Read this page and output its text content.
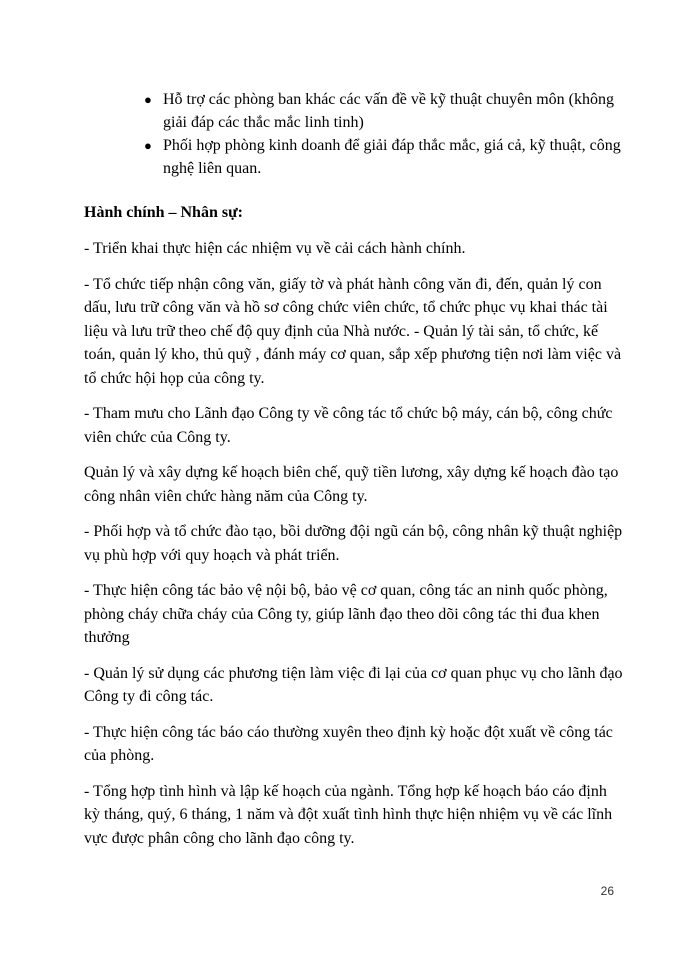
● Hỗ trợ các phòng ban khác các vấn đề về kỹ thuật chuyên môn (không giải đáp các thắc mắc linh tinh)
● Phối hợp phòng kinh doanh để giải đáp thắc mắc, giá cả, kỹ thuật, công nghệ liên quan.

Hành chính – Nhân sự:

- Triển khai thực hiện các nhiệm vụ về cải cách hành chính.

- Tổ chức tiếp nhận công văn, giấy tờ và phát hành công văn đi, đến, quản lý con dấu, lưu trữ công văn và hồ sơ công chức viên chức, tổ chức phục vụ khai thác tài liệu và lưu trữ theo chế độ quy định của Nhà nước. - Quản lý tài sản, tổ chức, kế toán, quản lý kho, thủ quỹ , đánh máy cơ quan, sắp xếp phương tiện nơi làm việc và tổ chức hội họp của công ty.

- Tham mưu cho Lãnh đạo Công ty về công tác tổ chức bộ máy, cán bộ, công chức viên chức của Công ty.

Quản lý và xây dựng kế hoạch biên chế, quỹ tiền lương, xây dựng kế hoạch đào tạo công nhân viên chức hàng năm của Công ty.

- Phối hợp và tổ chức đào tạo, bồi dưỡng đội ngũ cán bộ, công nhân kỹ thuật nghiệp vụ phù hợp với quy hoạch và phát triển.

- Thực hiện công tác bảo vệ nội bộ, bảo vệ cơ quan, công tác an ninh quốc phòng, phòng cháy chữa cháy của Công ty, giúp lãnh đạo theo dõi công tác thi đua khen thưởng

- Quản lý sử dụng các phương tiện làm việc đi lại của cơ quan phục vụ cho lãnh đạo Công ty đi công tác.

- Thực hiện công tác báo cáo thường xuyên theo định kỳ hoặc đột xuất về công tác của phòng.

- Tổng hợp tình hình và lập kế hoạch của ngành. Tổng hợp kế hoạch báo cáo định kỳ tháng, quý, 6 tháng, 1 năm và đột xuất tình hình thực hiện nhiệm vụ về các lĩnh vực được phân công cho lãnh đạo công ty.

26
